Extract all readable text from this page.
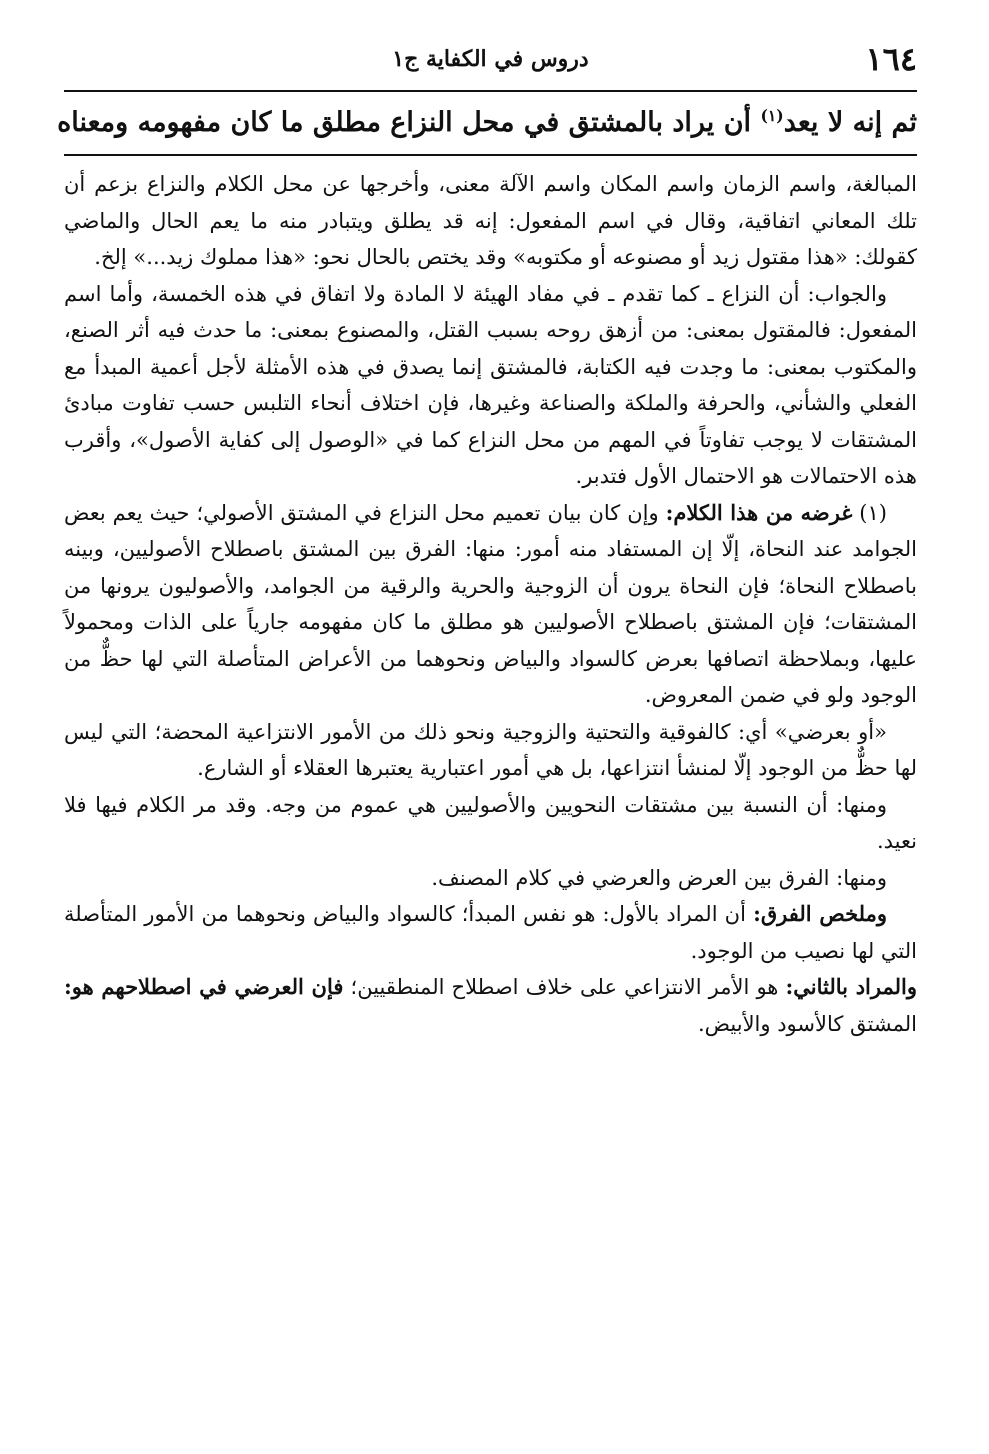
١٦٤
دروس في الكفاية ج١
ثم إنه لا يعد$^{(١)}$ أن يراد بالمشتق في محل النزاع مطلق ما كان مفهومه ومعناه

المبالغة، واسم الزمان واسم المكان واسم الآلة معنى، وأخرجها عن محل الكلام والنزاع بزعم أن تلك المعاني اتفاقية، وقال في اسم المفعول: إنه قد يطلق ويتبادر منه ما يعم الحال والماضي كقولك: «هذا مقتول زيد أو مصنوعه أو مكتوبه» وقد يختص بالحال نحو: «هذا مملوك زيد...» إلخ.

والجواب: أن النزاع ـ كما تقدم ـ في مفاد الهيئة لا المادة ولا اتفاق في هذه الخمسة، وأما اسم المفعول: فالمقتول بمعنى: من أزهق روحه بسبب القتل، والمصنوع بمعنى: ما حدث فيه أثر الصنع، والمكتوب بمعنى: ما وجدت فيه الكتابة، فالمشتق إنما يصدق في هذه الأمثلة لأجل أعمية المبدأ مع الفعلي والشأني، والحرفة والملكة والصناعة وغيرها، فإن اختلاف أنحاء التلبس حسب تفاوت مبادئ المشتقات لا يوجب تفاوتاً في المهم من محل النزاع كما في «الوصول إلى كفاية الأصول»، وأقرب هذه الاحتمالات هو الاحتمال الأول فتدبر.

(١) غرضه من هذا الكلام: وإن كان بيان تعميم محل النزاع في المشتق الأصولي؛ حيث يعم بعض الجوامد عند النحاة، إلّا إن المستفاد منه أمور: منها: الفرق بين المشتق باصطلاح الأصوليين، وبينه باصطلاح النحاة؛ فإن النحاة يرون أن الزوجية والحرية والرقية من الجوامد، والأصوليون يرونها من المشتقات؛ فإن المشتق باصطلاح الأصوليين هو مطلق ما كان مفهومه جارياً على الذات ومحمولاً عليها، وبملاحظة اتصافها بعرض كالسواد والبياض ونحوهما من الأعراض المتأصلة التي لها حظٌّ من الوجود ولو في ضمن المعروض.

«أو بعرضي» أي: كالفوقية والتحتية والزوجية ونحو ذلك من الأمور الانتزاعية المحضة؛ التي ليس لها حظٌّ من الوجود إلّا لمنشأ انتزاعها، بل هي أمور اعتبارية يعتبرها العقلاء أو الشارع.

ومنها: أن النسبة بين مشتقات النحويين والأصوليين هي عموم من وجه. وقد مر الكلام فيها فلا نعيد.

ومنها: الفرق بين العرض والعرضي في كلام المصنف.

وملخص الفرق: أن المراد بالأول: هو نفس المبدأ؛ كالسواد والبياض ونحوهما من الأمور المتأصلة التي لها نصيب من الوجود.

والمراد بالثاني: هو الأمر الانتزاعي على خلاف اصطلاح المنطقيين؛ فإن العرضي في اصطلاحهم هو: المشتق كالأسود والأبيض.
